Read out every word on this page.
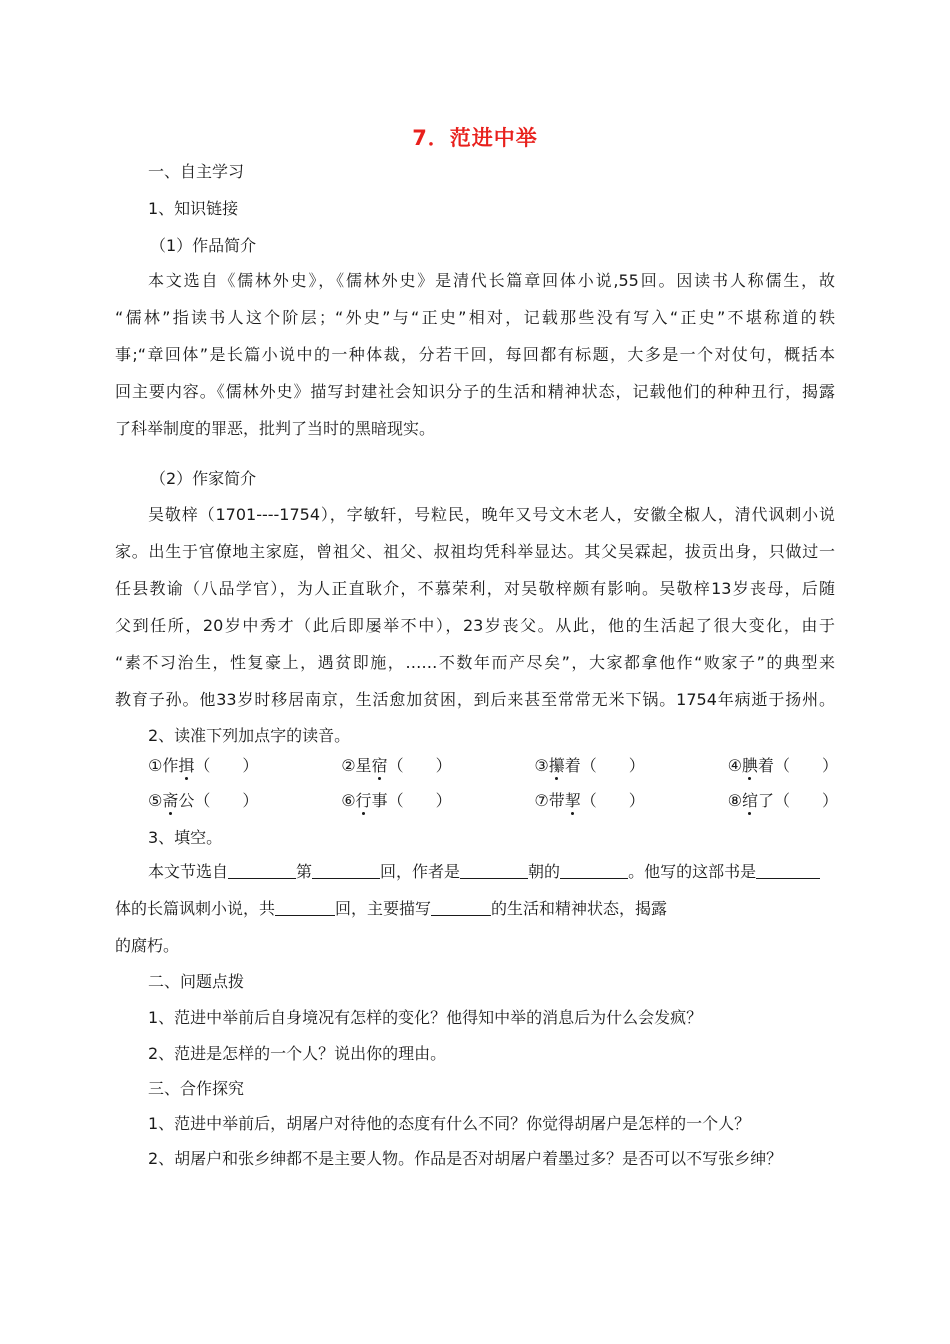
7．范进中举
一、自主学习
1、知识链接
（1）作品简介
本文选自《儒林外史》，《儒林外史》是清代长篇章回体小说,55回。因读书人称儒生，故
“儒林”指读书人这个阶层；“外史”与“正史”相对，记载那些没有写入“正史”不堪称道的轶
事;“章回体”是长篇小说中的一种体裁，分若干回，每回都有标题，大多是一个对仗句，概括本
回主要内容。《儒林外史》描写封建社会知识分子的生活和精神状态，记载他们的种种丑行，揭露
了科举制度的罪恶，批判了当时的黑暗现实。
（2）作家简介
吴敬梓（1701----1754），字敏轩，号粒民，晚年又号文木老人，安徽全椒人，清代讽刺小说
家。出生于官僚地主家庭，曾祖父、祖父、叔祖均凭科举显达。其父吴霖起，拔贡出身，只做过一
任县教谕（八品学官），为人正直耿介，不慕荣利，对吴敬梓颇有影响。吴敬梓13岁丧母，后随
父到任所，20岁中秀才（此后即屡举不中），23岁丧父。从此，他的生活起了很大变化，由于
“素不习治生，性复豪上，遇贫即施，……不数年而产尽矣”，大家都拿他作“败家子”的典型来
教育子孙。他33岁时移居南京，生活愈加贫困，到后来甚至常常无米下锅。1754年病逝于扬州。
2、读准下列加点字的读音。
①作揖（　　）	②星宿（　　）	③攥着（　　）	④腆着（　　）
⑤斋公（　　）	⑥行事（　　）	⑦带挈（　　）	⑧绾了（　　）
3、填空。
本文节选自	第	回，作者是	朝的	。他写的这部书是
体的长篇讽刺小说，共	回，主要描写	的生活和精神状态，揭露
的腐朽。
二、问题点拨
1、范进中举前后自身境况有怎样的变化？他得知中举的消息后为什么会发疯？
2、范进是怎样的一个人？说出你的理由。
三、合作探究
1、范进中举前后，胡屠户对待他的态度有什么不同？你觉得胡屠户是怎样的一个人？
2、胡屠户和张乡绅都不是主要人物。作品是否对胡屠户着墨过多？是否可以不写张乡绅？
